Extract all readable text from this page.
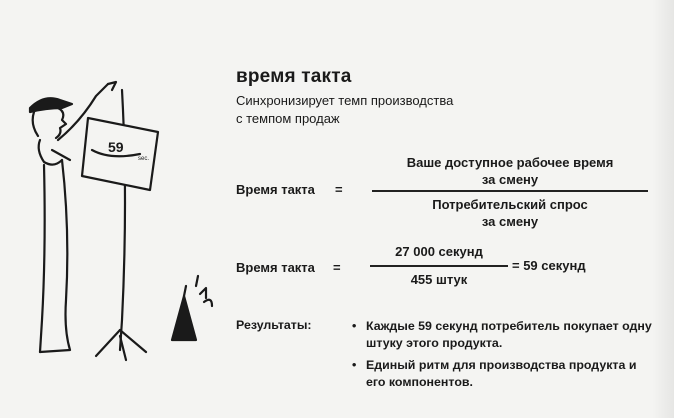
59
sec.
время такта
Синхронизирует темп производства
с темпом продаж
Время такта =
Ваше доступное рабочее время
за смену
Потребительский спрос
за смену
Время такта =
27 000 секунд
455 штук
= 59 секунд
Результаты:	• Каждые 59 секунд потребитель покупает одну штуку этого продукта.
• Единый ритм для производства продукта и его компонентов.
